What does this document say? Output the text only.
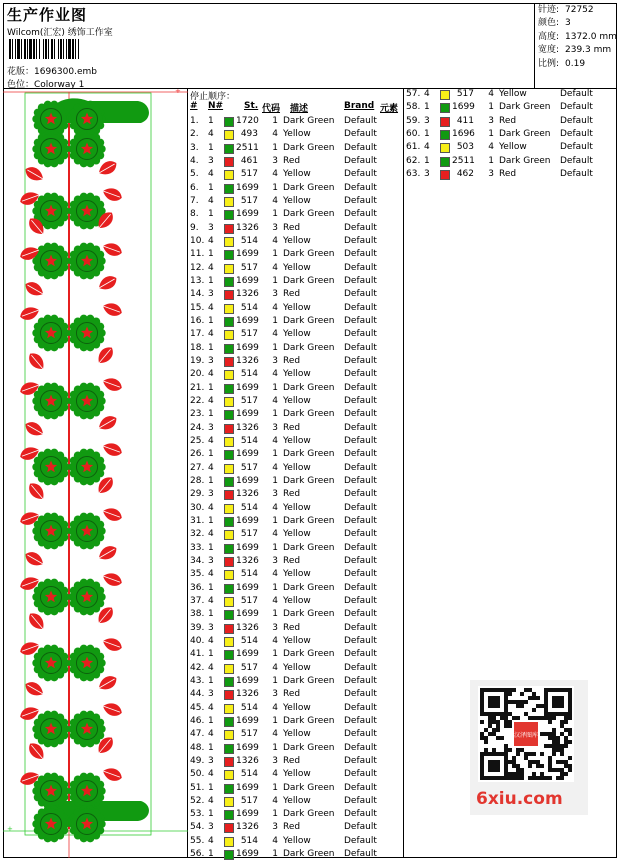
生产作业图
Wilcom(汇宏) 绣饰工作室
花版：1696300.emb
色位：Colorway 1
针迹: 72752
颜色: 3
高度: 1372.0 mm
宽度: 239.3 mm
比例: 0.19
+
+
停止顺序：
# N# St. 代码 描述	Brand 元素
1. 1 1720	1 Dark Green Default
2. 4	493	4 Yellow	Default
3. 1 2511	1 Dark Green Default
4. 3	461	3 Red	Default
5. 4	517	4 Yellow	Default
6. 1 1699	1 Dark Green Default
7. 4	517	4 Yellow	Default
8. 1 1699	1 Dark Green Default
9. 3 1326	3 Red	Default
10. 4	514	4 Yellow	Default
11. 1 1699	1 Dark Green Default
12. 4	517	4 Yellow	Default
13. 1 1699	1 Dark Green Default
14. 3 1326	3 Red	Default
15. 4	514	4 Yellow	Default
16. 1 1699	1 Dark Green Default
17. 4	517	4 Yellow	Default
18. 1 1699	1 Dark Green Default
19. 3 1326	3 Red	Default
20. 4	514	4 Yellow	Default
21. 1 1699	1 Dark Green Default
22. 4	517	4 Yellow	Default
23. 1 1699	1 Dark Green Default
24. 3 1326	3 Red	Default
25. 4	514	4 Yellow	Default
26. 1 1699	1 Dark Green Default
27. 4	517	4 Yellow	Default
28. 1 1699	1 Dark Green Default
29. 3 1326	3 Red	Default
30. 4	514	4 Yellow	Default
31. 1 1699	1 Dark Green Default
32. 4	517	4 Yellow	Default
33. 1 1699	1 Dark Green Default
34. 3 1326	3 Red	Default
35. 4	514	4 Yellow	Default
36. 1 1699	1 Dark Green Default
37. 4	517	4 Yellow	Default
38. 1 1699	1 Dark Green Default
39. 3 1326	3 Red	Default
40. 4	514	4 Yellow	Default
41. 1 1699	1 Dark Green Default
42. 4	517	4 Yellow	Default
43. 1 1699	1 Dark Green Default
44. 3 1326	3 Red	Default
45. 4	514	4 Yellow	Default
46. 1 1699	1 Dark Green Default
47. 4	517	4 Yellow	Default
48. 1 1699	1 Dark Green Default
49. 3 1326	3 Red	Default
50. 4	514	4 Yellow	Default
51. 1 1699	1 Dark Green Default
52. 4	517	4 Yellow	Default
53. 1 1699	1 Dark Green Default
54. 3 1326	3 Red	Default
55. 4	514	4 Yellow	Default
56. 1 1699	1 Dark Green Default
57. 4	517	4 Yellow	Default
58. 1 1699	1 Dark Green Default
59. 3	411	3 Red	Default
60. 1 1696	1 Dark Green Default
61. 4	503	4 Yellow	Default
62. 1 2511	1 Dark Green Default
63. 3	462	3 Red	Default
汉泽图库
6xiu.com
